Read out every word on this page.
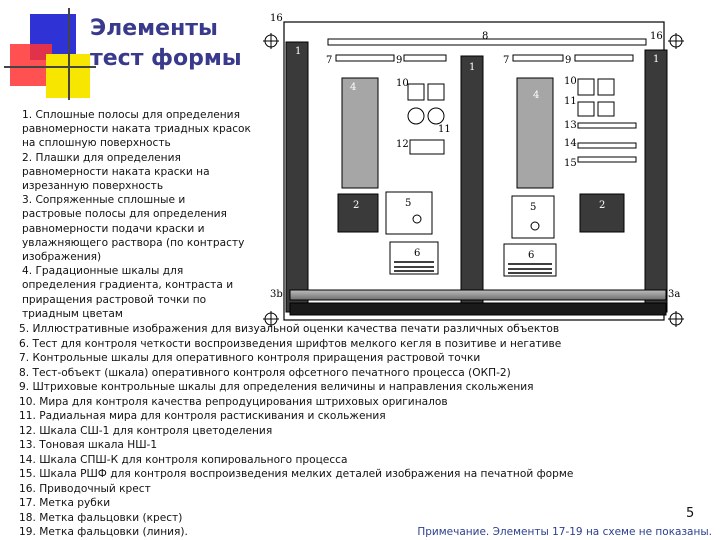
Элементы
тест формы

1. Сплошные полосы для определения

равномерности наката триадных красок

на сплошную поверхность

2. Плашки для определения

равномерности наката краски на

изрезанную поверхность

3. Сопряженные сплошные и

растровые полосы для определения

равномерности подачи краски и

увлажняющего раствора (по контрасту

изображения)

4. Градационные шкалы для

определения градиента, контраста и

приращения растровой точки по

триадным цветам

16
16
8
1
1
1
7	7
9	9
10	10
11
11
12
13
14
15
4
4
2	2
5	5
6	6
3b	3a
5. Иллюстративные изображения для визуальной оценки качества печати различных объектов
6. Тест для контроля четкости воспроизведения шрифтов мелкого кегля в позитиве и негативе
7. Контрольные шкалы для оперативного контроля приращения растровой точки
8. Тест-объект (шкала) оперативного контроля офсетного печатного процесса (ОКП-2)
9. Штриховые контрольные шкалы для определения величины и направления скольжения
10. Мира для контроля качества репродуцирования штриховых оригиналов
11. Радиальная мира для контроля растискивания и скольжения
12. Шкала СШ-1 для контроля цветоделения
13. Тоновая шкала НШ-1
14. Шкала СПШ-К для контроля копировального процесса
15. Шкала РШФ для контроля воспроизведения мелких деталей изображения на печатной форме
16. Приводочный крест
17. Метка рубки
18. Метка фальцовки (крест)
19. Метка фальцовки (линия).
5
Примечание. Элементы 17-19 на схеме не показаны.
